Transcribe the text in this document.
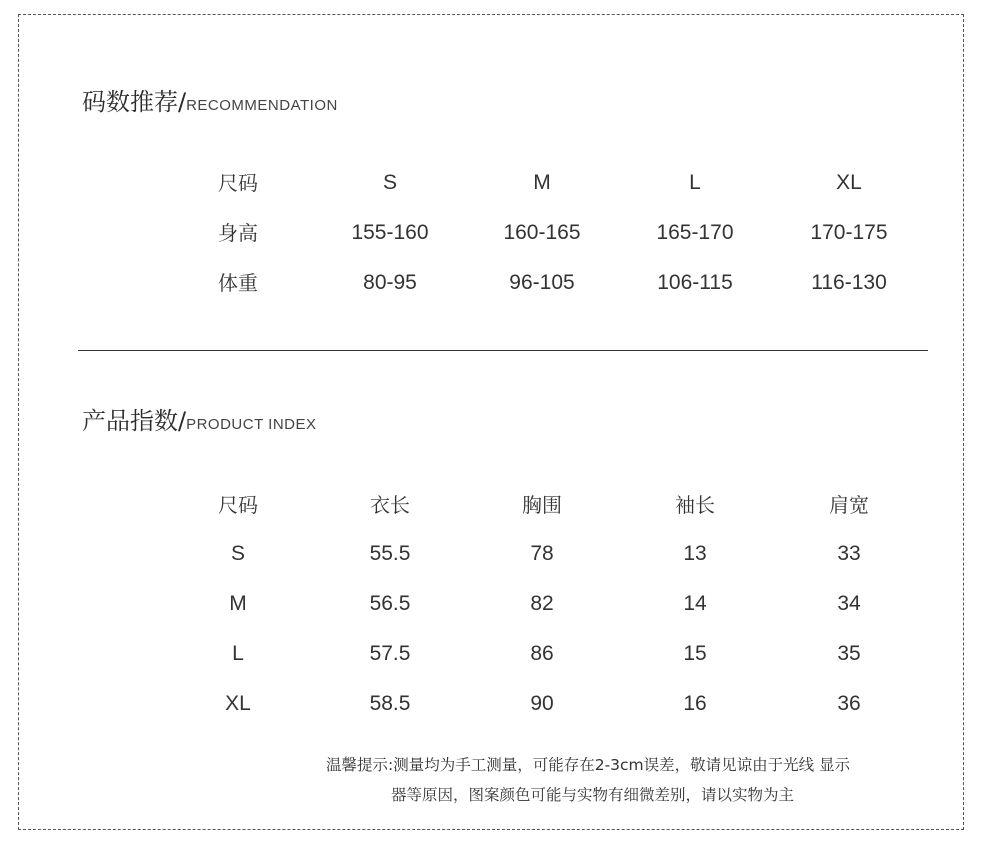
码数推荐/RECOMMENDATION
尺码	S	M	L	XL
身高	155-160	160-165	165-170	170-175
体重	80-95	96-105	106-115	116-130
产品指数/PRODUCT INDEX
尺码	衣长	胸围	袖长	肩宽
S	55.5	78	13	33
M	56.5	82	14	34
L	57.5	86	15	35
XL	58.5	90	16	36
温馨提示:测量均为手工测量，可能存在2-3cm误差，敬请见谅由于光线 显示
器等原因，图案颜色可能与实物有细微差别，请以实物为主
